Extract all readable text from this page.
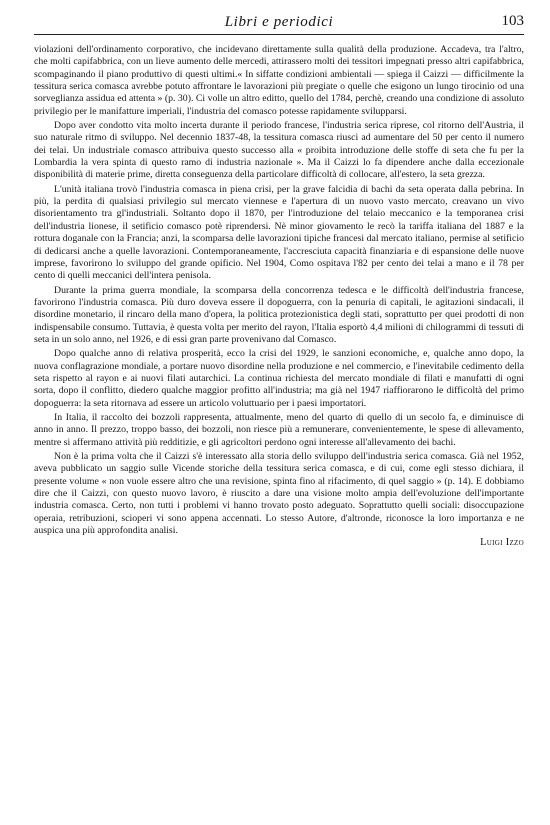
Libri e periodici	103

violazioni dell'ordinamento corporativo, che incidevano direttamente sulla qualità della produzione. Accadeva, tra l'altro, che molti capifabbrica, con un lieve aumento delle mercedi, attirassero molti dei tessitori impegnati presso altri capifabbrica, scompaginando il piano produttivo di questi ultimi.« In siffatte condizioni ambientali — spiega il Caizzi — difficilmente la tessitura serica comasca avrebbe potuto affrontare le lavorazioni più pregiate o quelle che esigono un lungo tirocinio od una sorveglianza assidua ed attenta » (p. 30). Ci volle un altro editto, quello del 1784, perchè, creando una condizione di assoluto privilegio per le manifatture imperiali, l'industria del comasco potesse rapidamente svilupparsi.

Dopo aver condotto vita molto incerta durante il periodo francese, l'industria serica riprese, col ritorno dell'Austria, il suo naturale ritmo di sviluppo. Nel decennio 1837-48, la tessitura comasca riuscì ad aumentare del 50 per cento il numero dei telai. Un industriale comasco attribuiva questo successo alla « proibita introduzione delle stoffe di seta che fu per la Lombardia la vera spinta di questo ramo di industria nazionale ». Ma il Caizzi lo fa dipendere anche dalla eccezionale disponibilità di materie prime, diretta conseguenza della particolare difficoltà di collocare, all'estero, la seta grezza.

L'unità italiana trovò l'industria comasca in piena crisi, per la grave falcidia di bachi da seta operata dalla pebrina. In più, la perdita di qualsiasi privilegio sul mercato viennese e l'apertura di un nuovo vasto mercato, creavano un vivo disorientamento tra gl'industriali. Soltanto dopo il 1870, per l'introduzione del telaio meccanico e la temporanea crisi dell'industria lionese, il setificio comasco potè riprendersi. Nè minor giovamento le recò la tariffa italiana del 1887 e la rottura doganale con la Francia; anzi, la scomparsa delle lavorazioni tipiche francesi dal mercato italiano, permise al setificio di dedicarsi anche a quelle lavorazioni. Contemporaneamente, l'accresciuta capacità finanziaria e di espansione delle nuove imprese, favorirono lo sviluppo del grande opificio. Nel 1904, Como ospitava l'82 per cento dei telai a mano e il 78 per cento di quelli meccanici dell'intera penisola.

Durante la prima guerra mondiale, la scomparsa della concorrenza tedesca e le difficoltà dell'industria francese, favorirono l'industria comasca. Più duro doveva essere il dopoguerra, con la penuria di capitali, le agitazioni sindacali, il disordine monetario, il rincaro della mano d'opera, la politica protezionistica degli stati, soprattutto per quei prodotti di non indispensabile consumo. Tuttavia, è questa volta per merito del rayon, l'Italia esportò 4,4 milioni di chilogrammi di tessuti di seta in un solo anno, nel 1926, e di essi gran parte provenivano dal Comasco.

Dopo qualche anno di relativa prosperità, ecco la crisi del 1929, le sanzioni economiche, e, qualche anno dopo, la nuova conflagrazione mondiale, a portare nuovo disordine nella produzione e nel commercio, e l'inevitabile cedimento della seta rispetto al rayon e ai nuovi filati autarchici. La continua richiesta del mercato mondiale di filati e manufatti di ogni sorta, dopo il conflitto, diedero qualche maggior profitto all'industria; ma già nel 1947 riaffiorarono le difficoltà del primo dopoguerra: la seta ritornava ad essere un articolo voluttuario per i paesi importatori.

In Italia, il raccolto dei bozzoli rappresenta, attualmente, meno del quarto di quello di un secolo fa, e diminuisce di anno in anno. Il prezzo, troppo basso, dei bozzoli, non riesce più a remunerare, convenientemente, le spese di allevamento, mentre si affermano attività più redditizie, e gli agricoltori perdono ogni interesse all'allevamento dei bachi.

Non è la prima volta che il Caizzi s'è interessato alla storia dello sviluppo dell'industria serica comasca. Già nel 1952, aveva pubblicato un saggio sulle Vicende storiche della tessitura serica comasca, e di cui, come egli stesso dichiara, il presente volume « non vuole essere altro che una revisione, spinta fino al rifacimento, di quel saggio » (p. 14). E dobbiamo dire che il Caizzi, con questo nuovo lavoro, è riuscito a dare una visione molto ampia dell'evoluzione dell'importante industria comasca. Certo, non tutti i problemi vi hanno trovato posto adeguato. Soprattutto quelli sociali: disoccupazione operaia, retribuzioni, scioperi vi sono appena accennati. Lo stesso Autore, d'altronde, riconosce la loro importanza e ne auspica una più approfondita analisi.

Luigi Izzo
